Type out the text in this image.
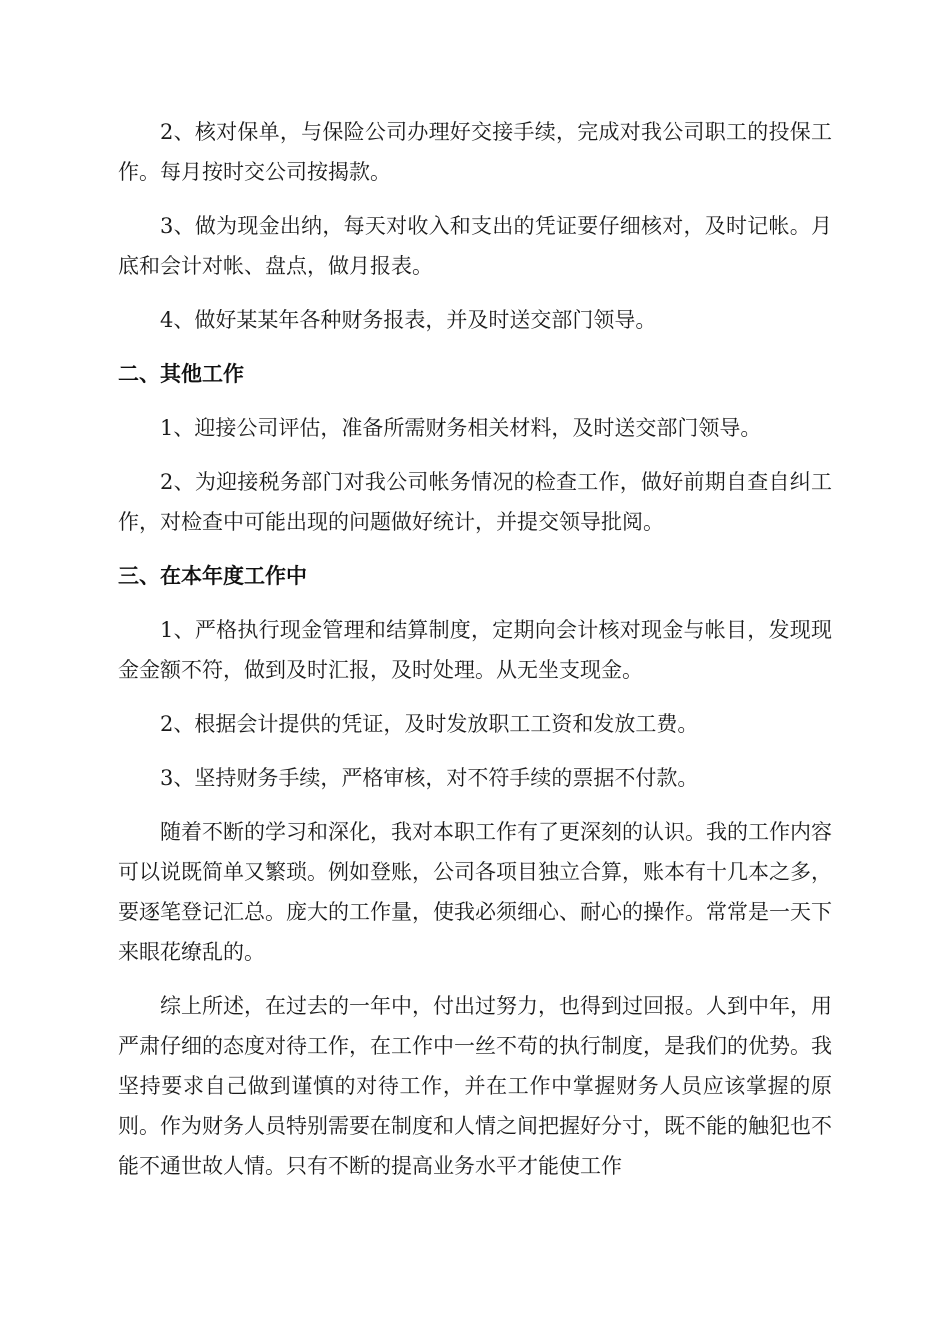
2、核对保单，与保险公司办理好交接手续，完成对我公司职工的投保工作。每月按时交公司按揭款。

3、做为现金出纳，每天对收入和支出的凭证要仔细核对，及时记帐。月底和会计对帐、盘点，做月报表。

4、做好某某年各种财务报表，并及时送交部门领导。

二、其他工作

1、迎接公司评估，准备所需财务相关材料，及时送交部门领导。

2、为迎接税务部门对我公司帐务情况的检查工作，做好前期自查自纠工作，对检查中可能出现的问题做好统计，并提交领导批阅。

三、在本年度工作中

1、严格执行现金管理和结算制度，定期向会计核对现金与帐目，发现现金金额不符，做到及时汇报，及时处理。从无坐支现金。

2、根据会计提供的凭证，及时发放职工工资和发放工费。

3、坚持财务手续，严格审核，对不符手续的票据不付款。

随着不断的学习和深化，我对本职工作有了更深刻的认识。我的工作内容可以说既简单又繁琐。例如登账，公司各项目独立合算，账本有十几本之多，要逐笔登记汇总。庞大的工作量，使我必须细心、耐心的操作。常常是一天下来眼花缭乱的。

综上所述，在过去的一年中，付出过努力，也得到过回报。人到中年，用严肃仔细的态度对待工作，在工作中一丝不苟的执行制度，是我们的优势。我坚持要求自己做到谨慎的对待工作，并在工作中掌握财务人员应该掌握的原则。作为财务人员特别需要在制度和人情之间把握好分寸，既不能的触犯也不能不通世故人情。只有不断的提高业务水平才能使工作
